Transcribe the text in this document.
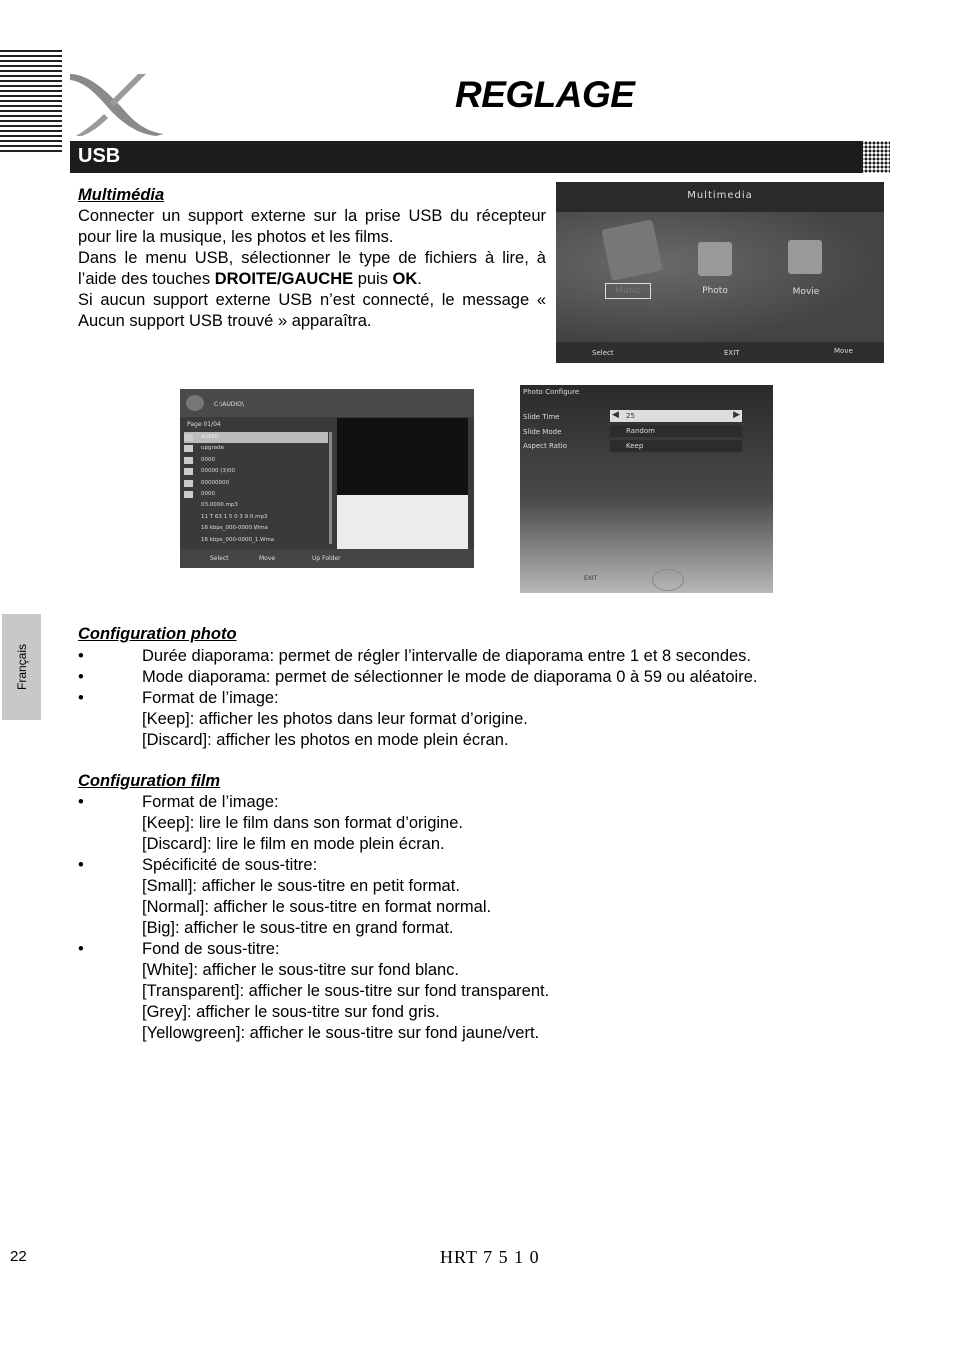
REGLAGE
USB
Multimédia

Connecter un support externe sur la prise USB du récepteur pour lire la musique, les photos et les films.

Dans le menu USB, sélectionner le type de fichiers à lire, à l’aide des touches DROITE/GAUCHE puis OK.

Si aucun support externe USB n’est connecté, le message « Aucun support USB trouvé » apparaîtra.

Multimedia
Music	Photo	Movie
Select	EXIT	Move
C:\AUDIO\
Page 01/04
AUDIO
upgrade
0000
00000 (3)00
00000000
0000
03.0000.mp3
11 T 63 1 5 0 3 9 0.mp3
16 kbps_000-0000.Wma
16 kbps_000-0000_1.Wma
Select	Move	Up Folder
Photo Configure
Slide Time	◀ 25	▶
Slide Mode	Random
Aspect Ratio	Keep
EXIT
Français
Configuration photo
•	Durée diaporama: permet de régler l’intervalle de diaporama entre 1 et 8 secondes.
•	Mode diaporama: permet de sélectionner le mode de diaporama 0 à 59 ou aléatoire.
•	Format de l’image:
[Keep]: afficher les photos dans leur format d’origine.
[Discard]: afficher les photos en mode plein écran.
Configuration film
•	Format de l’image:
[Keep]: lire le film dans son format d’origine.
[Discard]: lire le film en mode plein écran.
•	Spécificité de sous-titre:
[Small]: afficher le sous-titre en petit format.
[Normal]: afficher le sous-titre en format normal.
[Big]: afficher le sous-titre en grand format.
•	Fond de sous-titre:
[White]: afficher le sous-titre sur fond blanc.
[Transparent]: afficher le sous-titre sur fond transparent.
[Grey]: afficher le sous-titre sur fond gris.
[Yellowgreen]: afficher le sous-titre sur fond jaune/vert.
22	HRT 7 5 1 0
